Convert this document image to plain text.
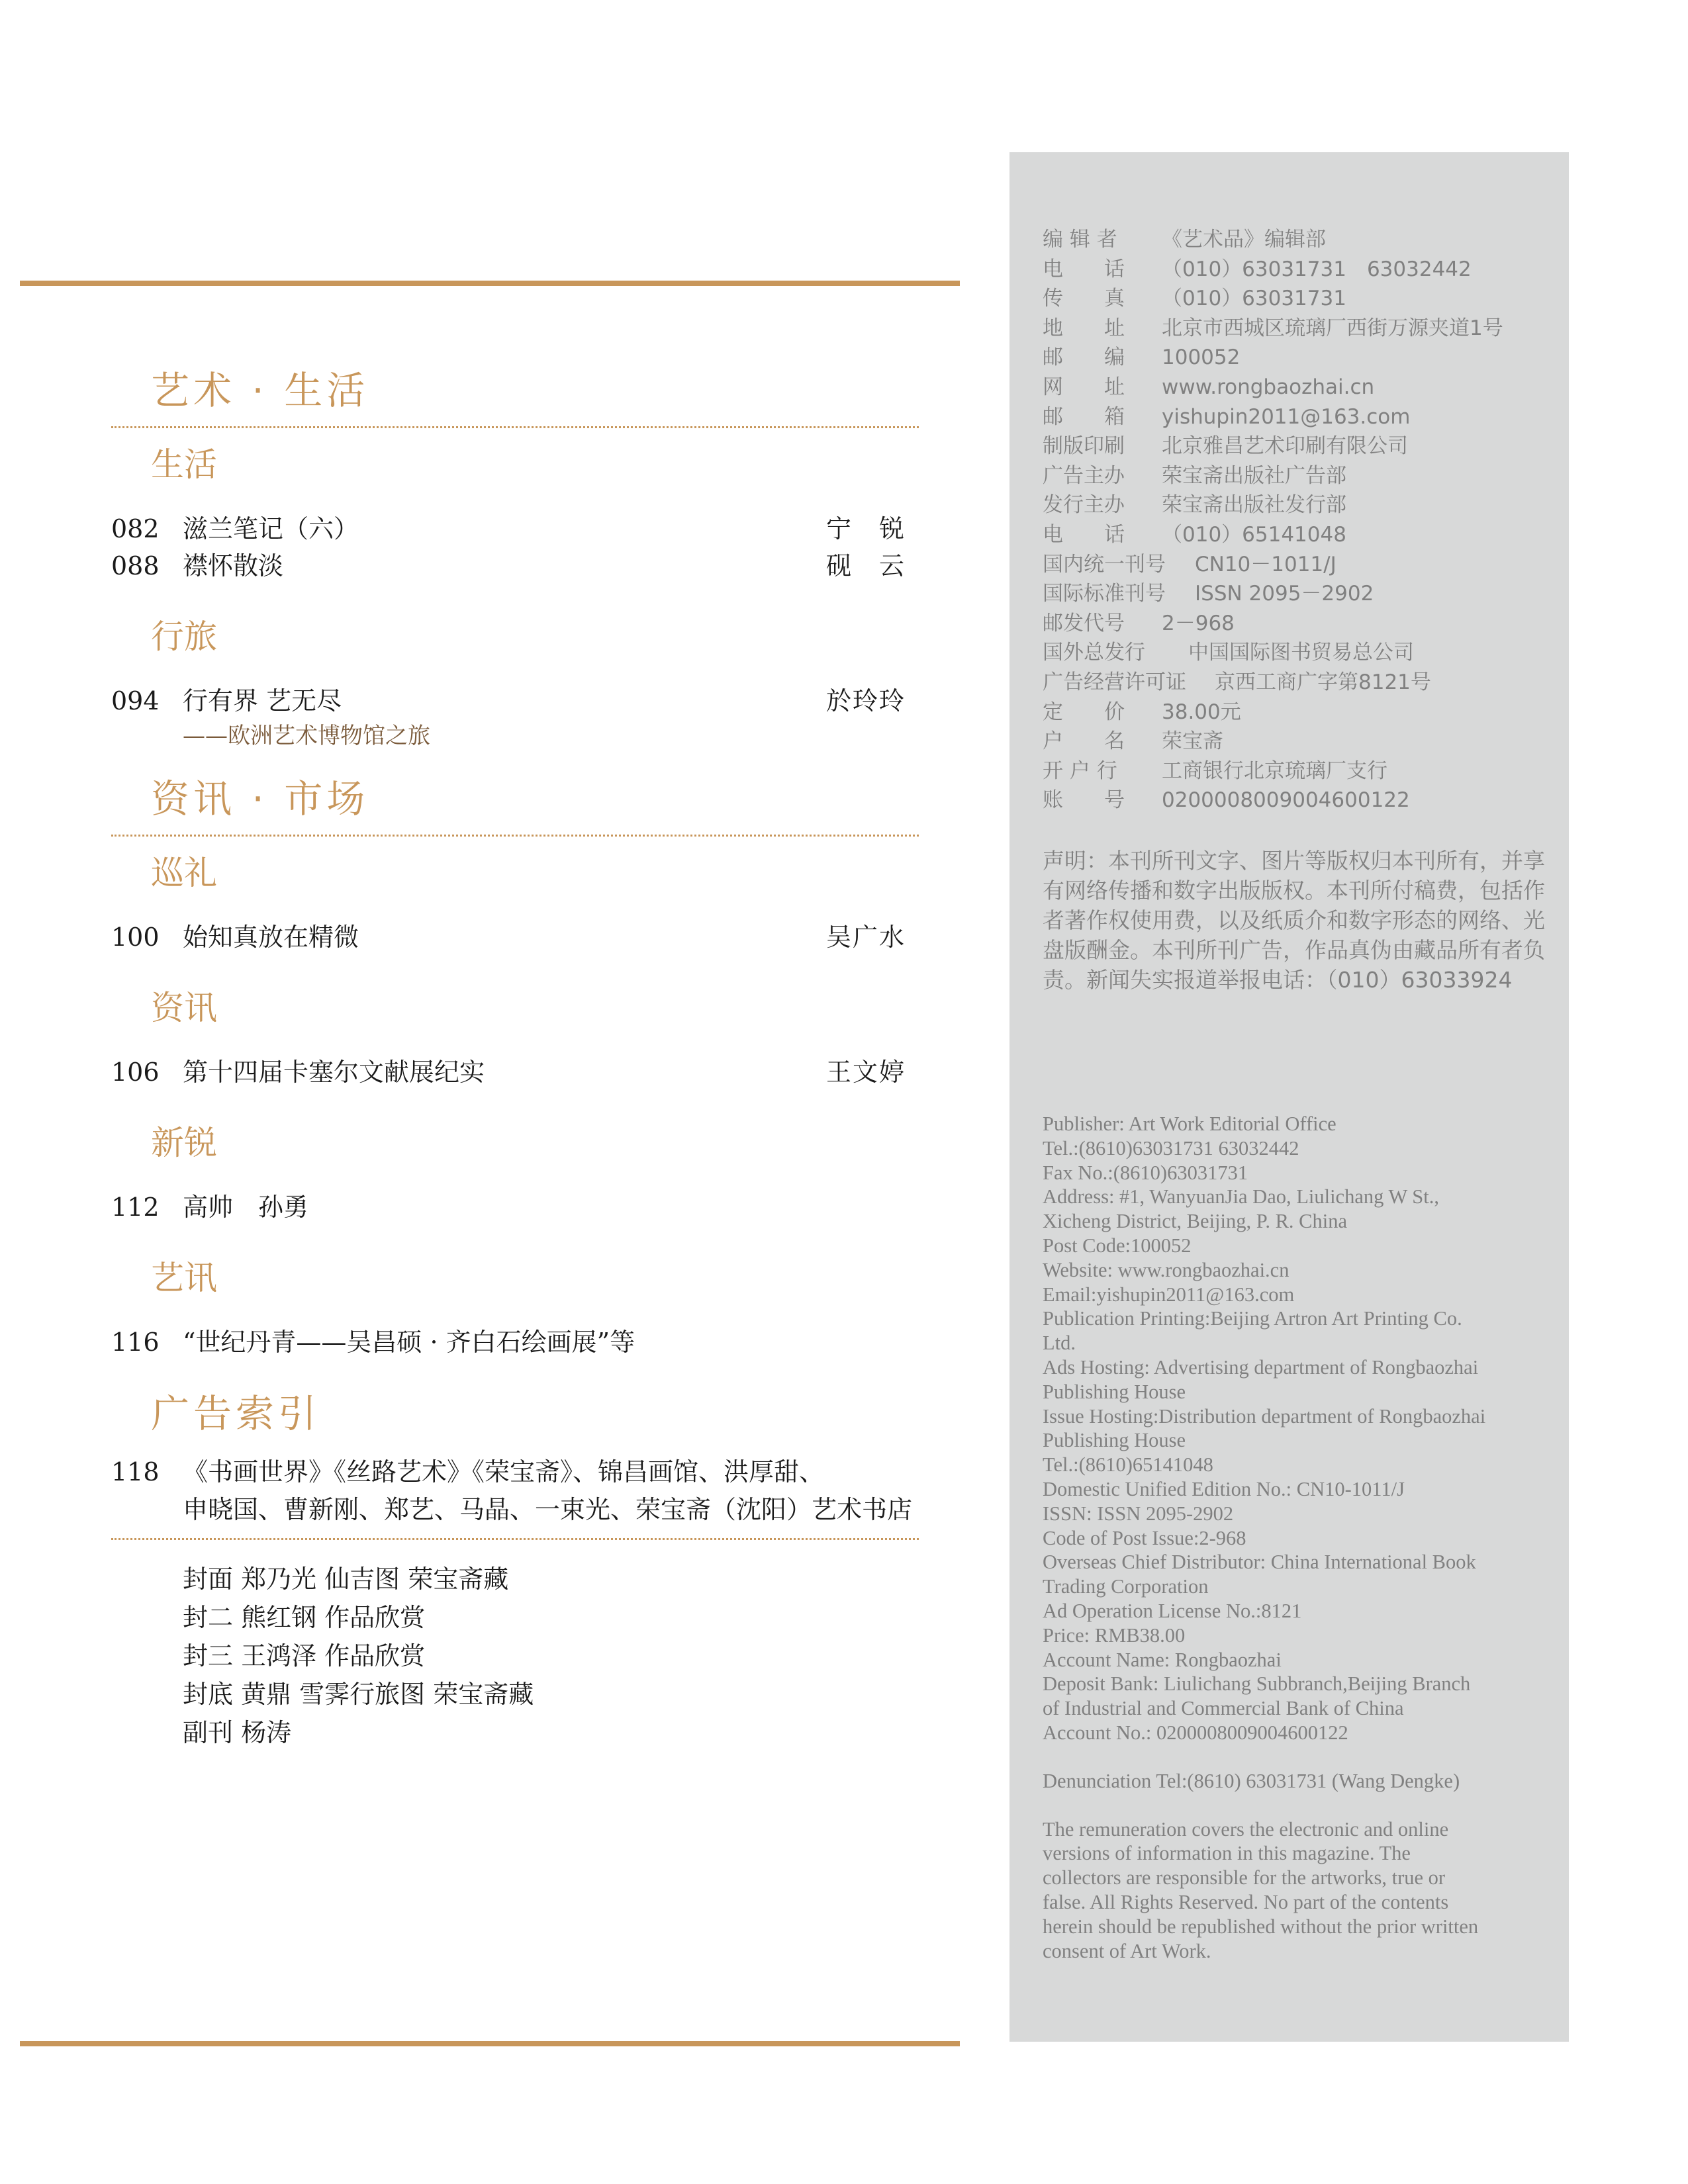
艺术 · 生活
生活
082 滋兰笔记（六）	宁　锐
088 襟怀散淡	砚　云
行旅
094 行有界 艺无尽	於玲玲
——欧洲艺术博物馆之旅
资讯 · 市场
巡礼
100 始知真放在精微	吴广水
资讯
106 第十四届卡塞尔文献展纪实	王文婷
新锐
112 高帅　孙勇
艺讯
116 “世纪丹青——吴昌硕 · 齐白石绘画展”等
广告索引
118 《书画世界》《丝路艺术》《荣宝斋》、锦昌画馆、洪厚甜、
申晓国、曹新刚、郑艺、马晶、一束光、荣宝斋（沈阳）艺术书店
封面 郑乃光 仙吉图 荣宝斋藏
封二 熊红钢 作品欣赏
封三 王鸿泽 作品欣赏
封底 黄鼎 雪霁行旅图 荣宝斋藏
副刊 杨涛
编 辑 者	《艺术品》编辑部
电　　话	（010）63031731　63032442
传　　真	（010）63031731
地　　址	北京市西城区琉璃厂西街万源夹道1号
邮　　编	100052
网　　址	www.rongbaozhai.cn
邮　　箱	yishupin2011@163.com
制版印刷	北京雅昌艺术印刷有限公司
广告主办	荣宝斋出版社广告部
发行主办	荣宝斋出版社发行部
电　　话	（010）65141048
国内统一刊号	CN10－1011/J
国际标准刊号	ISSN 2095－2902
邮发代号	2－968
国外总发行	中国国际图书贸易总公司
广告经营许可证	京西工商广字第8121号
定　　价	38.00元
户　　名	荣宝斋
开 户 行	工商银行北京琉璃厂支行
账　　号	0200008009004600122
声明：本刊所刊文字、图片等版权归本刊所有，并享有网络传播和数字出版版权。本刊所付稿费，包括作者著作权使用费，以及纸质介和数字形态的网络、光盘版酬金。本刊所刊广告，作品真伪由藏品所有者负责。新闻失实报道举报电话：（010）63033924
Publisher: Art Work Editorial Office
Tel.:(8610)63031731 63032442
Fax No.:(8610)63031731
Address: #1, WanyuanJia Dao, Liulichang W St.,
Xicheng District, Beijing, P. R. China
Post Code:100052
Website: www.rongbaozhai.cn
Email:yishupin2011@163.com
Publication Printing:Beijing Artron Art Printing Co.
Ltd.
Ads Hosting: Advertising department of Rongbaozhai
Publishing House
Issue Hosting:Distribution department of Rongbaozhai
Publishing House
Tel.:(8610)65141048
Domestic Unified Edition No.: CN10-1011/J
ISSN: ISSN 2095-2902
Code of Post Issue:2-968
Overseas Chief Distributor: China International Book
Trading Corporation
Ad Operation License No.:8121
Price: RMB38.00
Account Name: Rongbaozhai
Deposit Bank: Liulichang Subbranch,Beijing Branch
of Industrial and Commercial Bank of China
Account No.: 0200008009004600122
Denunciation Tel:(8610) 63031731 (Wang Dengke)
The remuneration covers the electronic and online
versions of information in this magazine. The
collectors are responsible for the artworks, true or
false. All Rights Reserved. No part of the contents
herein should be republished without the prior written
consent of Art Work.
